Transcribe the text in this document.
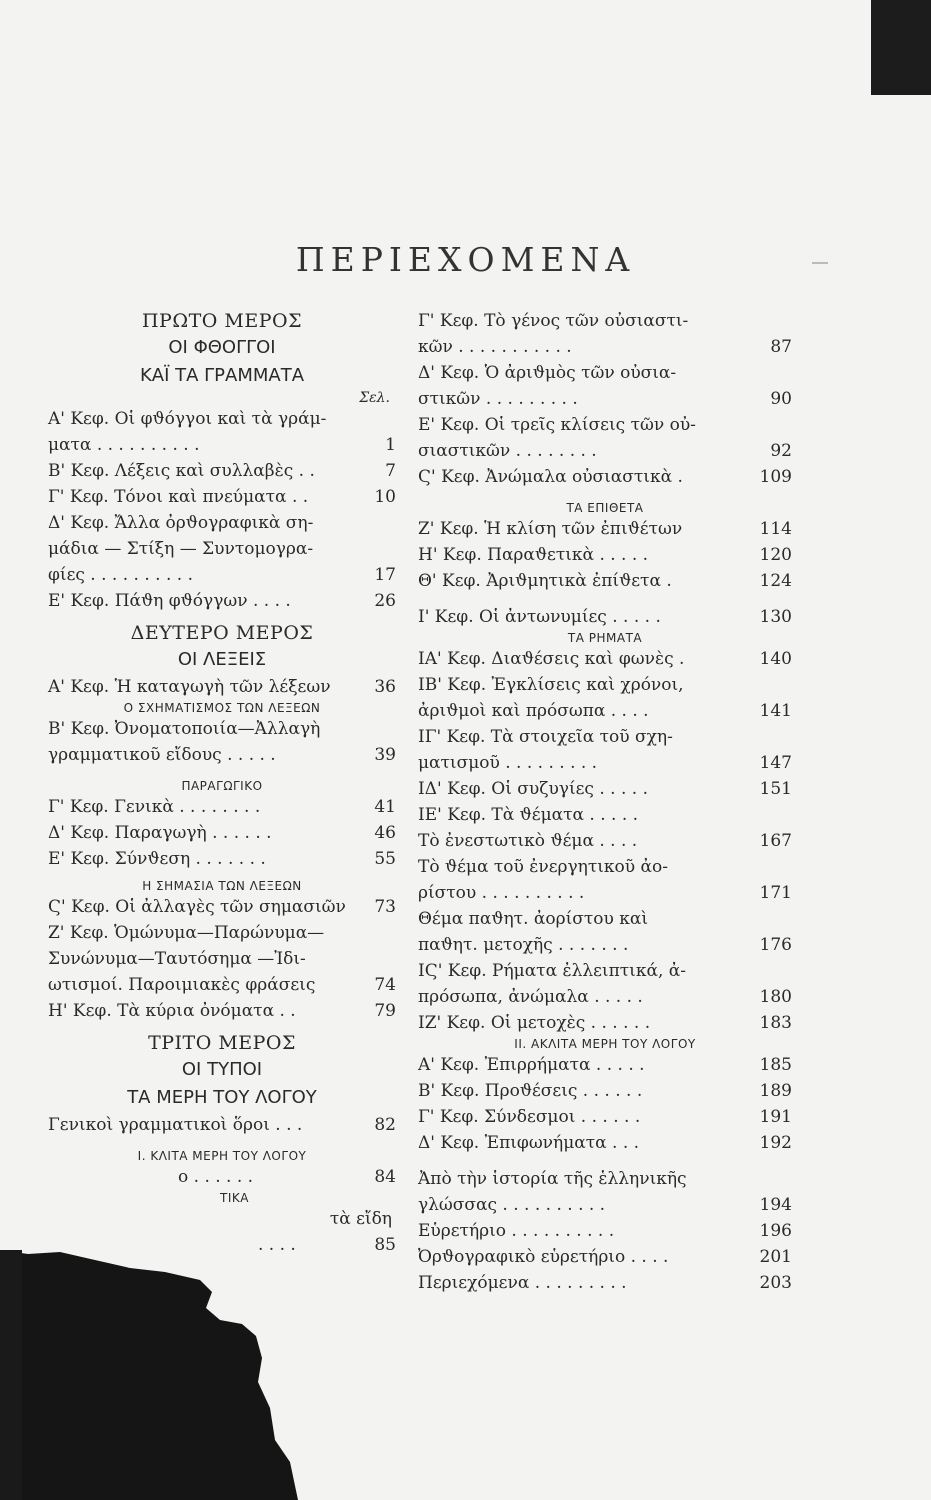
ΠΕΡΙΕΧΟΜΕΝΑ
ΠΡΩΤΟ ΜΕΡΟΣ
ΟΙ ΦΘΟΓΓΟΙ
ΚΑΪ ΤΑ ΓΡΑΜΜΑΤΑ
Σελ.
Α' Κεφ. Οἱ φϑόγγοι καὶ τὰ γράμ-
ματα . . . . . . . . . .	1
Β' Κεφ. Λέξεις καὶ συλλαβὲς . .	7
Γ' Κεφ. Τόνοι καὶ πνεύματα . .	10
Δ' Κεφ. Ἄλλα ὀρϑογραφικὰ ση-
μάδια — Στίξη — Συντομογρα-
φίες . . . . . . . . . .	17
Ε' Κεφ. Πάϑη φϑόγγων . . . .	26
ΔΕΥΤΕΡΟ ΜΕΡΟΣ
ΟΙ ΛΕΞΕΙΣ
Α' Κεφ. Ἡ καταγωγὴ τῶν λέξεων	36
Ο ΣΧΗΜΑΤΙΣΜΟΣ ΤΩΝ ΛΕΞΕΩΝ
Β' Κεφ. Ὀνοματοποιία—Ἀλλαγὴ
γραμματικοῦ εἴδους . . . . .	39
ΠΑΡΑΓΩΓΙΚΟ
Γ' Κεφ. Γενικὰ . . . . . . . .	41
Δ' Κεφ. Παραγωγὴ . . . . . .	46
Ε' Κεφ. Σύνϑεση . . . . . . .	55
Η ΣΗΜΑΣΙΑ ΤΩΝ ΛΕΞΕΩΝ
Ϛ' Κεφ. Οἱ ἀλλαγὲς τῶν σημασιῶν	73
Ζ' Κεφ. Ὁμώνυμα—Παρώνυμα—
Συνώνυμα—Ταυτόσημα —Ἰδι-
ωτισμοί. Παροιμιακὲς φράσεις	74
Η' Κεφ. Τὰ κύρια ὀνόματα . .	79
ΤΡΙΤΟ ΜΕΡΟΣ
ΟΙ ΤΥΠΟΙ
ΤΑ ΜΕΡΗ ΤΟΥ ΛΟΓΟΥ
Γενικοὶ γραμματικοὶ ὅροι . . .	82
Ι. ΚΛΙΤΑ ΜΕΡΗ ΤΟΥ ΛΟΓΟΥ
ο . . . . . .	84
ΤΙΚΑ
τὰ εἴδη
. . . .	85
Γ' Κεφ. Τὸ γένος τῶν οὐσιαστι-
κῶν . . . . . . . . . . .	87
Δ' Κεφ. Ὁ ἀριϑμὸς τῶν οὐσια-
στικῶν . . . . . . . . .	90
Ε' Κεφ. Οἱ τρεῖς κλίσεις τῶν οὐ-
σιαστικῶν . . . . . . . .	92
Ϛ' Κεφ. Ἀνώμαλα οὐσιαστικὰ .	109
ΤΑ ΕΠΙΘΕΤΑ
Ζ' Κεφ. Ἡ κλίση τῶν ἐπιϑέτων	114
Η' Κεφ. Παραϑετικὰ . . . . .	120
Θ' Κεφ. Ἀριϑμητικὰ ἐπίϑετα .	124
Ι' Κεφ. Οἱ ἀντωνυμίες . . . . .	130
ΤΑ ΡΗΜΑΤΑ
ΙΑ' Κεφ. Διαϑέσεις καὶ φωνὲς .	140
ΙΒ' Κεφ. Ἐγκλίσεις καὶ χρόνοι,
ἀριϑμοὶ καὶ πρόσωπα . . . .	141
ΙΓ' Κεφ. Τὰ στοιχεῖα τοῦ σχη-
ματισμοῦ . . . . . . . . .	147
ΙΔ' Κεφ. Οἱ συζυγίες . . . . .	151
ΙΕ' Κεφ. Τὰ ϑέματα . . . . .
Τὸ ἐνεστωτικὸ ϑέμα . . . .	167
Τὸ ϑέμα τοῦ ἐνεργητικοῦ ἀο-
ρίστου . . . . . . . . . .	171
Θέμα παϑητ. ἀορίστου καὶ
παϑητ. μετοχῆς . . . . . . .	176
ΙϚ' Κεφ. Ρήματα ἐλλειπτικά, ἀ-
πρόσωπα, ἀνώμαλα . . . . .	180
ΙΖ' Κεφ. Οἱ μετοχὲς . . . . . .	183
ΙΙ. ΑΚΛΙΤΑ ΜΕΡΗ ΤΟΥ ΛΟΓΟΥ
Α' Κεφ. Ἐπιρρήματα . . . . .	185
Β' Κεφ. Προϑέσεις . . . . . .	189
Γ' Κεφ. Σύνδεσμοι . . . . . .	191
Δ' Κεφ. Ἐπιφωνήματα . . .	192
Ἀπὸ τὴν ἱστορία τῆς ἑλληνικῆς
γλώσσας . . . . . . . . . .	194
Εὑρετήριο . . . . . . . . . .	196
Ὀρϑογραφικὸ εὑρετήριο . . . .	201
Περιεχόμενα . . . . . . . . .	203
